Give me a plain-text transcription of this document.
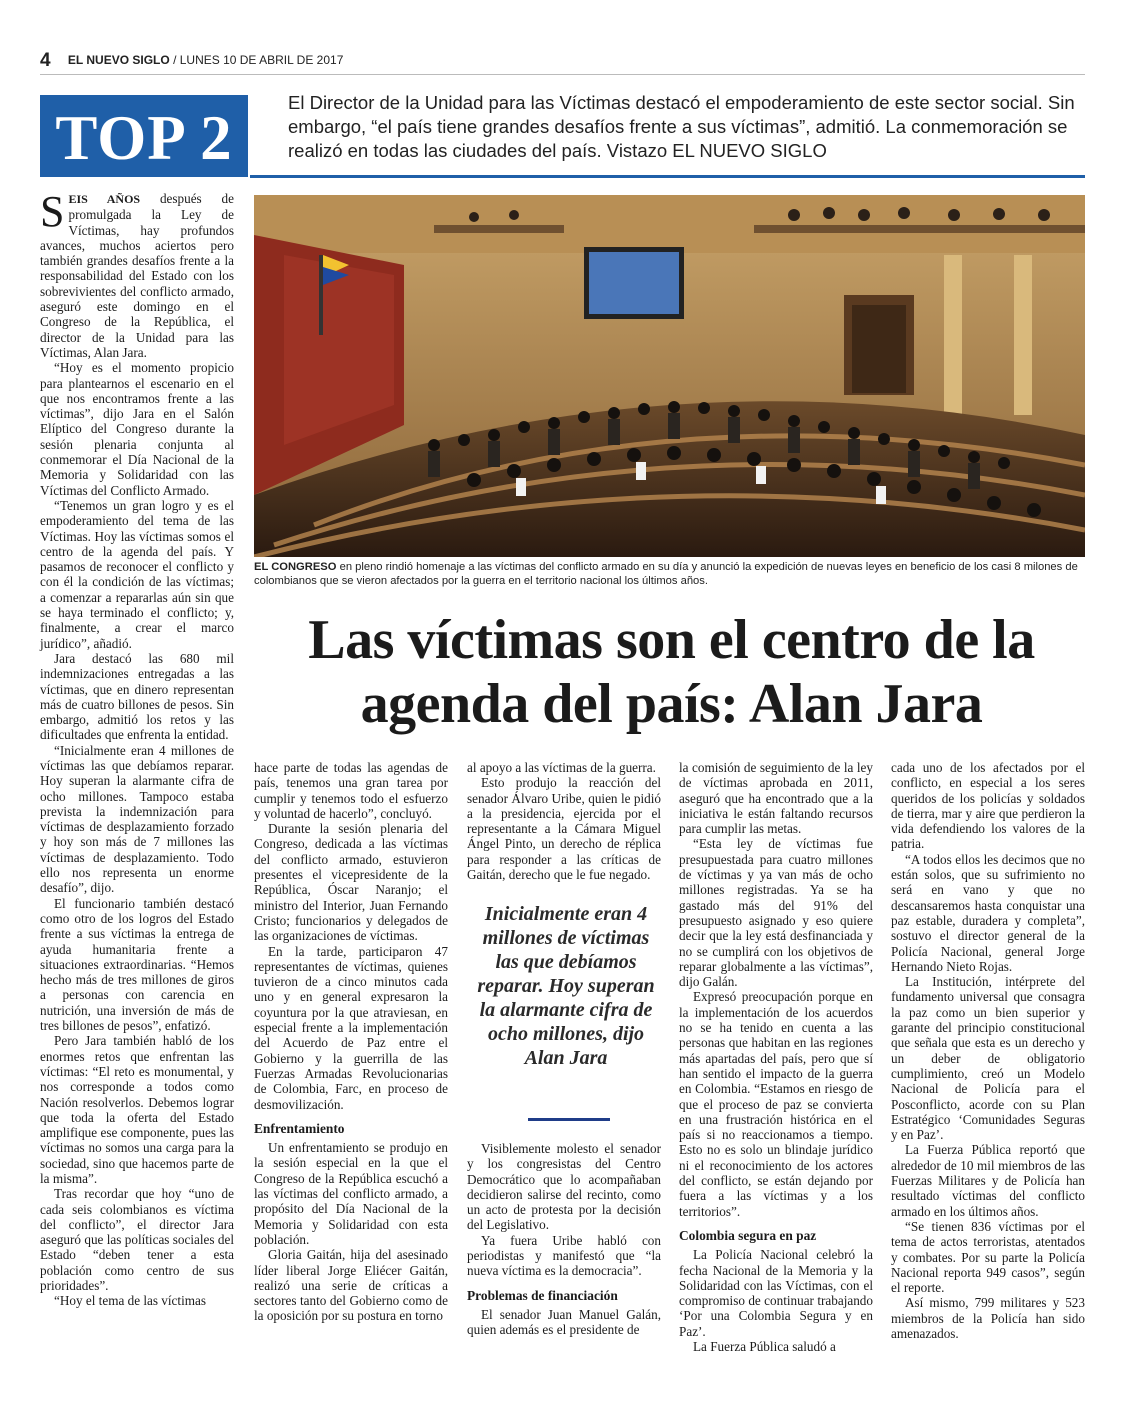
4 EL NUEVO SIGLO / LUNES 10 DE ABRIL DE 2017
TOP 2
El Director de la Unidad para las Víctimas destacó el empoderamiento de este sector social. Sin embargo, “el país tiene grandes desafíos frente a sus víctimas”, admitió. La conmemoración se realizó en todas las ciudades del país. Vistazo EL NUEVO SIGLO

SEIS AÑOS después de promulgada la Ley de Víctimas, hay profundos avances, muchos aciertos pero también grandes desafíos frente a la responsabilidad del Estado con los sobrevivientes del conflicto armado, aseguró este domingo en el Congreso de la República, el director de la Unidad para las Víctimas, Alan Jara.

“Hoy es el momento propicio para plantearnos el escenario en el que nos encontramos frente a las víctimas”, dijo Jara en el Salón Elíptico del Congreso durante la sesión plenaria conjunta al conmemorar el Día Nacional de la Memoria y Solidaridad con las Víctimas del Conflicto Armado.

“Tenemos un gran logro y es el empoderamiento del tema de las Víctimas. Hoy las víctimas somos el centro de la agenda del país. Y pasamos de reconocer el conflicto y con él la condición de las víctimas; a comenzar a repararlas aún sin que se haya terminado el conflicto; y, finalmente, a crear el marco jurídico”, añadió.

Jara destacó las 680 mil indemnizaciones entregadas a las víctimas, que en dinero representan más de cuatro billones de pesos. Sin embargo, admitió los retos y las dificultades que enfrenta la entidad.

“Inicialmente eran 4 millones de víctimas las que debíamos reparar. Hoy superan la alarmante cifra de ocho millones. Tampoco estaba prevista la indemnización para víctimas de desplazamiento forzado y hoy son más de 7 millones las víctimas de desplazamiento. Todo ello nos representa un enorme desafío”, dijo.

El funcionario también destacó como otro de los logros del Estado frente a sus víctimas la entrega de ayuda humanitaria frente a situaciones extraordinarias. “Hemos hecho más de tres millones de giros a personas con carencia en nutrición, una inversión de más de tres billones de pesos”, enfatizó.

Pero Jara también habló de los enormes retos que enfrentan las víctimas: “El reto es monumental, y nos corresponde a todos como Nación resolverlos. Debemos lograr que toda la oferta del Estado amplifique ese componente, pues las víctimas no somos una carga para la sociedad, sino que hacemos parte de la misma”.

Tras recordar que hoy “uno de cada seis colombianos es víctima del conflicto”, el director Jara aseguró que las políticas sociales del Estado “deben tener a esta población como centro de sus prioridades”.

“Hoy el tema de las víctimas

EL CONGRESO en pleno rindió homenaje a las víctimas del conflicto armado en su día y anunció la expedición de nuevas leyes en beneficio de los casi 8 milones de colombianos que se vieron afectados por la guerra en el territorio nacional los últimos años.
Las víctimas son el centro de la agenda del país: Alan Jara

hace parte de todas las agendas de país, tenemos una gran tarea por cumplir y tenemos todo el esfuerzo y voluntad de hacerlo”, concluyó.

Durante la sesión plenaria del Congreso, dedicada a las víctimas del conflicto armado, estuvieron presentes el vicepresidente de la República, Óscar Naranjo; el ministro del Interior, Juan Fernando Cristo; funcionarios y delegados de las organizaciones de víctimas.

En la tarde, participaron 47 representantes de víctimas, quienes tuvieron de a cinco minutos cada uno y en general expresaron la coyuntura por la que atraviesan, en especial frente a la implementación del Acuerdo de Paz entre el Gobierno y la guerrilla de las Fuerzas Armadas Revolucionarias de Colombia, Farc, en proceso de desmovilización.

Enfrentamiento

Un enfrentamiento se produjo en la sesión especial en la que el Congreso de la República escuchó a las víctimas del conflicto armado, a propósito del Día Nacional de la Memoria y Solidaridad con esta población.

Gloria Gaitán, hija del asesinado líder liberal Jorge Eliécer Gaitán, realizó una serie de críticas a sectores tanto del Gobierno como de la oposición por su postura en torno

al apoyo a las víctimas de la guerra.

Esto produjo la reacción del senador Álvaro Uribe, quien le pidió a la presidencia, ejercida por el representante a la Cámara Miguel Ángel Pinto, un derecho de réplica para responder a las críticas de Gaitán, derecho que le fue negado.

Inicialmente eran 4 millones de víctimas las que debíamos reparar. Hoy superan la alarmante cifra de ocho millones, dijo Alan Jara

Visiblemente molesto el senador y los congresistas del Centro Democrático que lo acompañaban decidieron salirse del recinto, como un acto de protesta por la decisión del Legislativo.

Ya fuera Uribe habló con periodistas y manifestó que “la nueva víctima es la democracia”.

Problemas de financiación

El senador Juan Manuel Galán, quien además es el presidente de

la comisión de seguimiento de la ley de víctimas aprobada en 2011, aseguró que ha encontrado que a la iniciativa le están faltando recursos para cumplir las metas.

“Esta ley de víctimas fue presupuestada para cuatro millones de víctimas y ya van más de ocho millones registradas. Ya se ha gastado más del 91% del presupuesto asignado y eso quiere decir que la ley está desfinanciada y no se cumplirá con los objetivos de reparar globalmente a las víctimas”, dijo Galán.

Expresó preocupación porque en la implementación de los acuerdos no se ha tenido en cuenta a las personas que habitan en las regiones más apartadas del país, pero que sí han sentido el impacto de la guerra en Colombia. “Estamos en riesgo de que el proceso de paz se convierta en una frustración histórica en el país si no reaccionamos a tiempo. Esto no es solo un blindaje jurídico ni el reconocimiento de los actores del conflicto, se están dejando por fuera a las víctimas y a los territorios”.

Colombia segura en paz

La Policía Nacional celebró la fecha Nacional de la Memoria y la Solidaridad con las Víctimas, con el compromiso de continuar trabajando ‘Por una Colombia Segura y en Paz’.

La Fuerza Pública saludó a

cada uno de los afectados por el conflicto, en especial a los seres queridos de los policías y soldados de tierra, mar y aire que perdieron la vida defendiendo los valores de la patria.

“A todos ellos les decimos que no están solos, que su sufrimiento no será en vano y que no descansaremos hasta conquistar una paz estable, duradera y completa”, sostuvo el director general de la Policía Nacional, general Jorge Hernando Nieto Rojas.

La Institución, intérprete del fundamento universal que consagra la paz como un bien superior y garante del principio constitucional que señala que esta es un derecho y un deber de obligatorio cumplimiento, creó un Modelo Nacional de Policía para el Posconflicto, acorde con su Plan Estratégico ‘Comunidades Seguras y en Paz’.

La Fuerza Pública reportó que alrededor de 10 mil miembros de las Fuerzas Militares y de Policía han resultado víctimas del conflicto armado en los últimos años.

“Se tienen 836 víctimas por el tema de actos terroristas, atentados y combates. Por su parte la Policía Nacional reporta 949 casos”, según el reporte.

Así mismo, 799 militares y 523 miembros de la Policía han sido amenazados.
